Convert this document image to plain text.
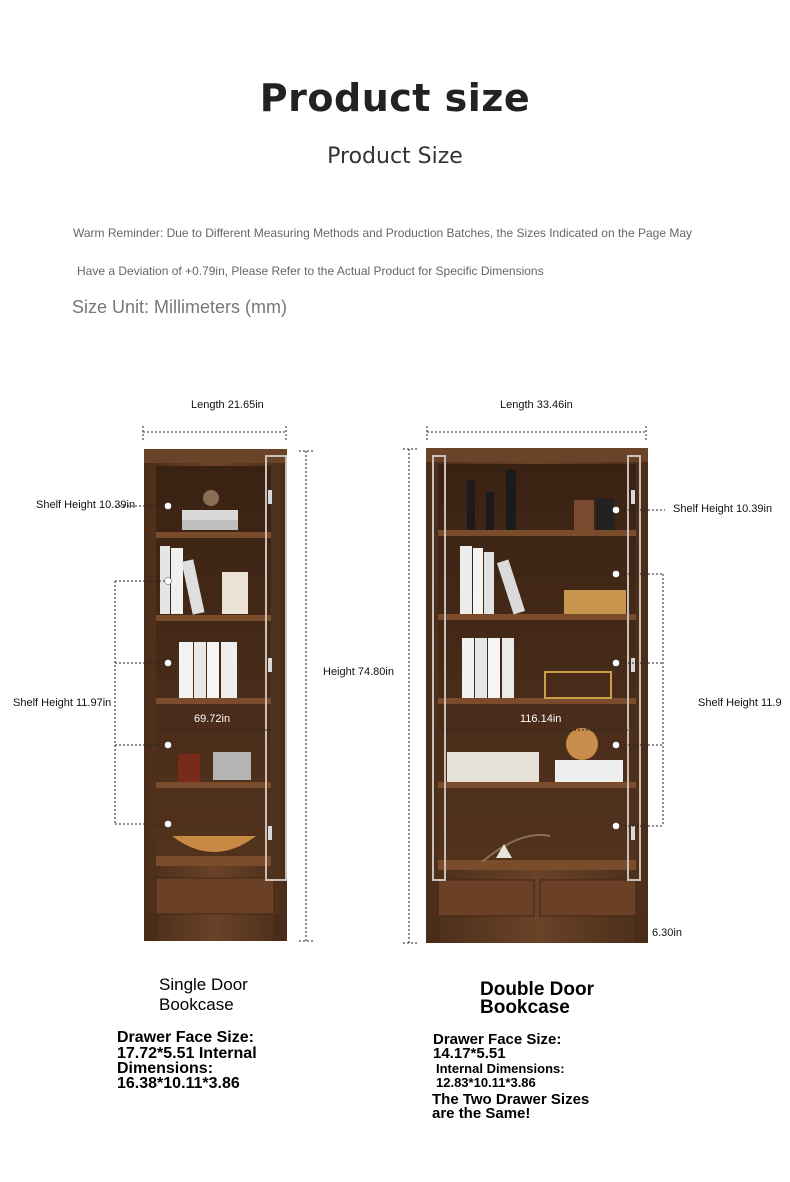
Product size
Product Size
Warm Reminder: Due to Different Measuring Methods and Production Batches, the Sizes Indicated on the Page May
Have a Deviation of +0.79in, Please Refer to the Actual Product for Specific Dimensions
Size Unit: Millimeters (mm)
Length 21.65in	Length 33.46in
Shelf Height 10.39in
Shelf Height 11.97in
69.72in
Height 74.80in
Shelf Height 10.39in
Shelf Height 11.9
116.14in
6.30in
Single Door
Bookcase
Double Door
Bookcase
Drawer Face Size:
17.72*5.51 Internal
Dimensions:
16.38*10.11*3.86
Drawer Face Size:
14.17*5.51
Internal Dimensions:
12.83*10.11*3.86
The Two Drawer Sizes
are the Same!
